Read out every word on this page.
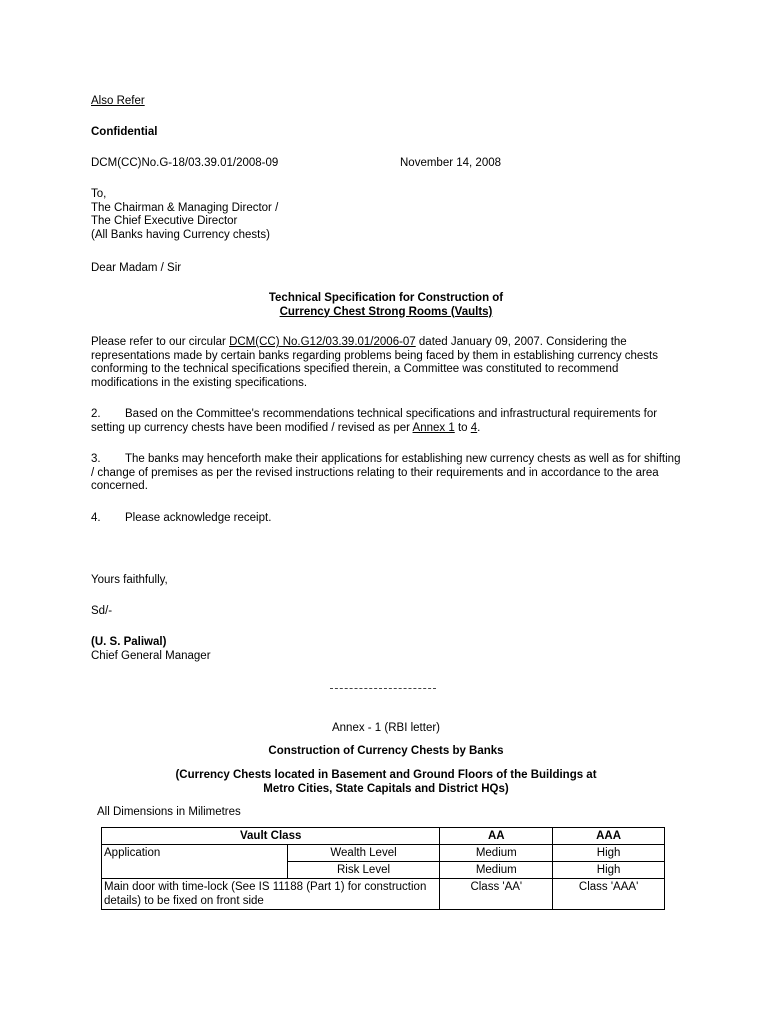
Also Refer

Confidential

DCM(CC)No.G-18/03.39.01/2008-09	November 14, 2008

To,
The Chairman & Managing Director /
The Chief Executive Director
(All Banks having Currency chests)

Dear Madam / Sir

Technical Specification for Construction of
Currency Chest Strong Rooms (Vaults)

Please refer to our circular DCM(CC) No.G12/03.39.01/2006-07 dated January 09, 2007. Considering the representations made by certain banks regarding problems being faced by them in establishing currency chests conforming to the technical specifications specified therein, a Committee was constituted to recommend modifications in the existing specifications.

2. Based on the Committee's recommendations technical specifications and infrastructural requirements for setting up currency chests have been modified / revised as per Annex 1 to 4.

3. The banks may henceforth make their applications for establishing new currency chests as well as for shifting / change of premises as per the revised instructions relating to their requirements and in accordance to the area concerned.

4. Please acknowledge receipt.

Yours faithfully,

Sd/-

(U. S. Paliwal)
Chief General Manager

Annex - 1 (RBI letter)

Construction of Currency Chests by Banks

(Currency Chests located in Basement and Ground Floors of the Buildings at
Metro Cities, State Capitals and District HQs)

All Dimensions in Milimetres

Vault Class		AA	AAA
Application	Wealth Level	Medium	High
	Risk Level	Medium	High
Main door with time-lock (See IS 11188 (Part 1) for construction details) to be fixed on front side		Class 'AA'	Class 'AAA'
